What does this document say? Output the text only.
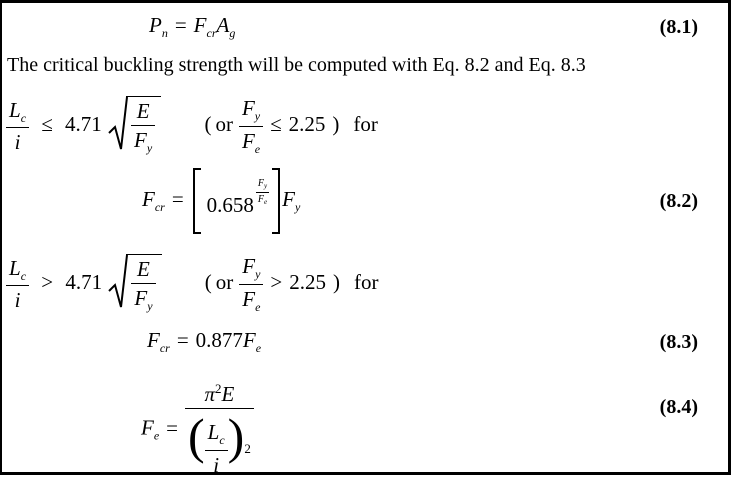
$P_n = F_{cr}A_g$	(8.1)
The critical buckling strength will be computed with Eq. 8.2 and Eq. 8.3
$\frac{L_c}{i} \le 4.71 \frac{E}{F_y}$ ( or $\frac{F_y}{F_e} \le 2.25$ ) for
$F_{cr} = 0.658 \frac{F_y}{F_e} F_y$	(8.2)
$\frac{L_c}{i} > 4.71 \frac{E}{F_y}$ ( or $\frac{F_y}{F_e} > 2.25$ ) for
$F_{cr} = 0.877F_e$	(8.3)
$F_e = \frac{\pi^2E}{( \frac{L_c}{i} )2}$	(8.4)
